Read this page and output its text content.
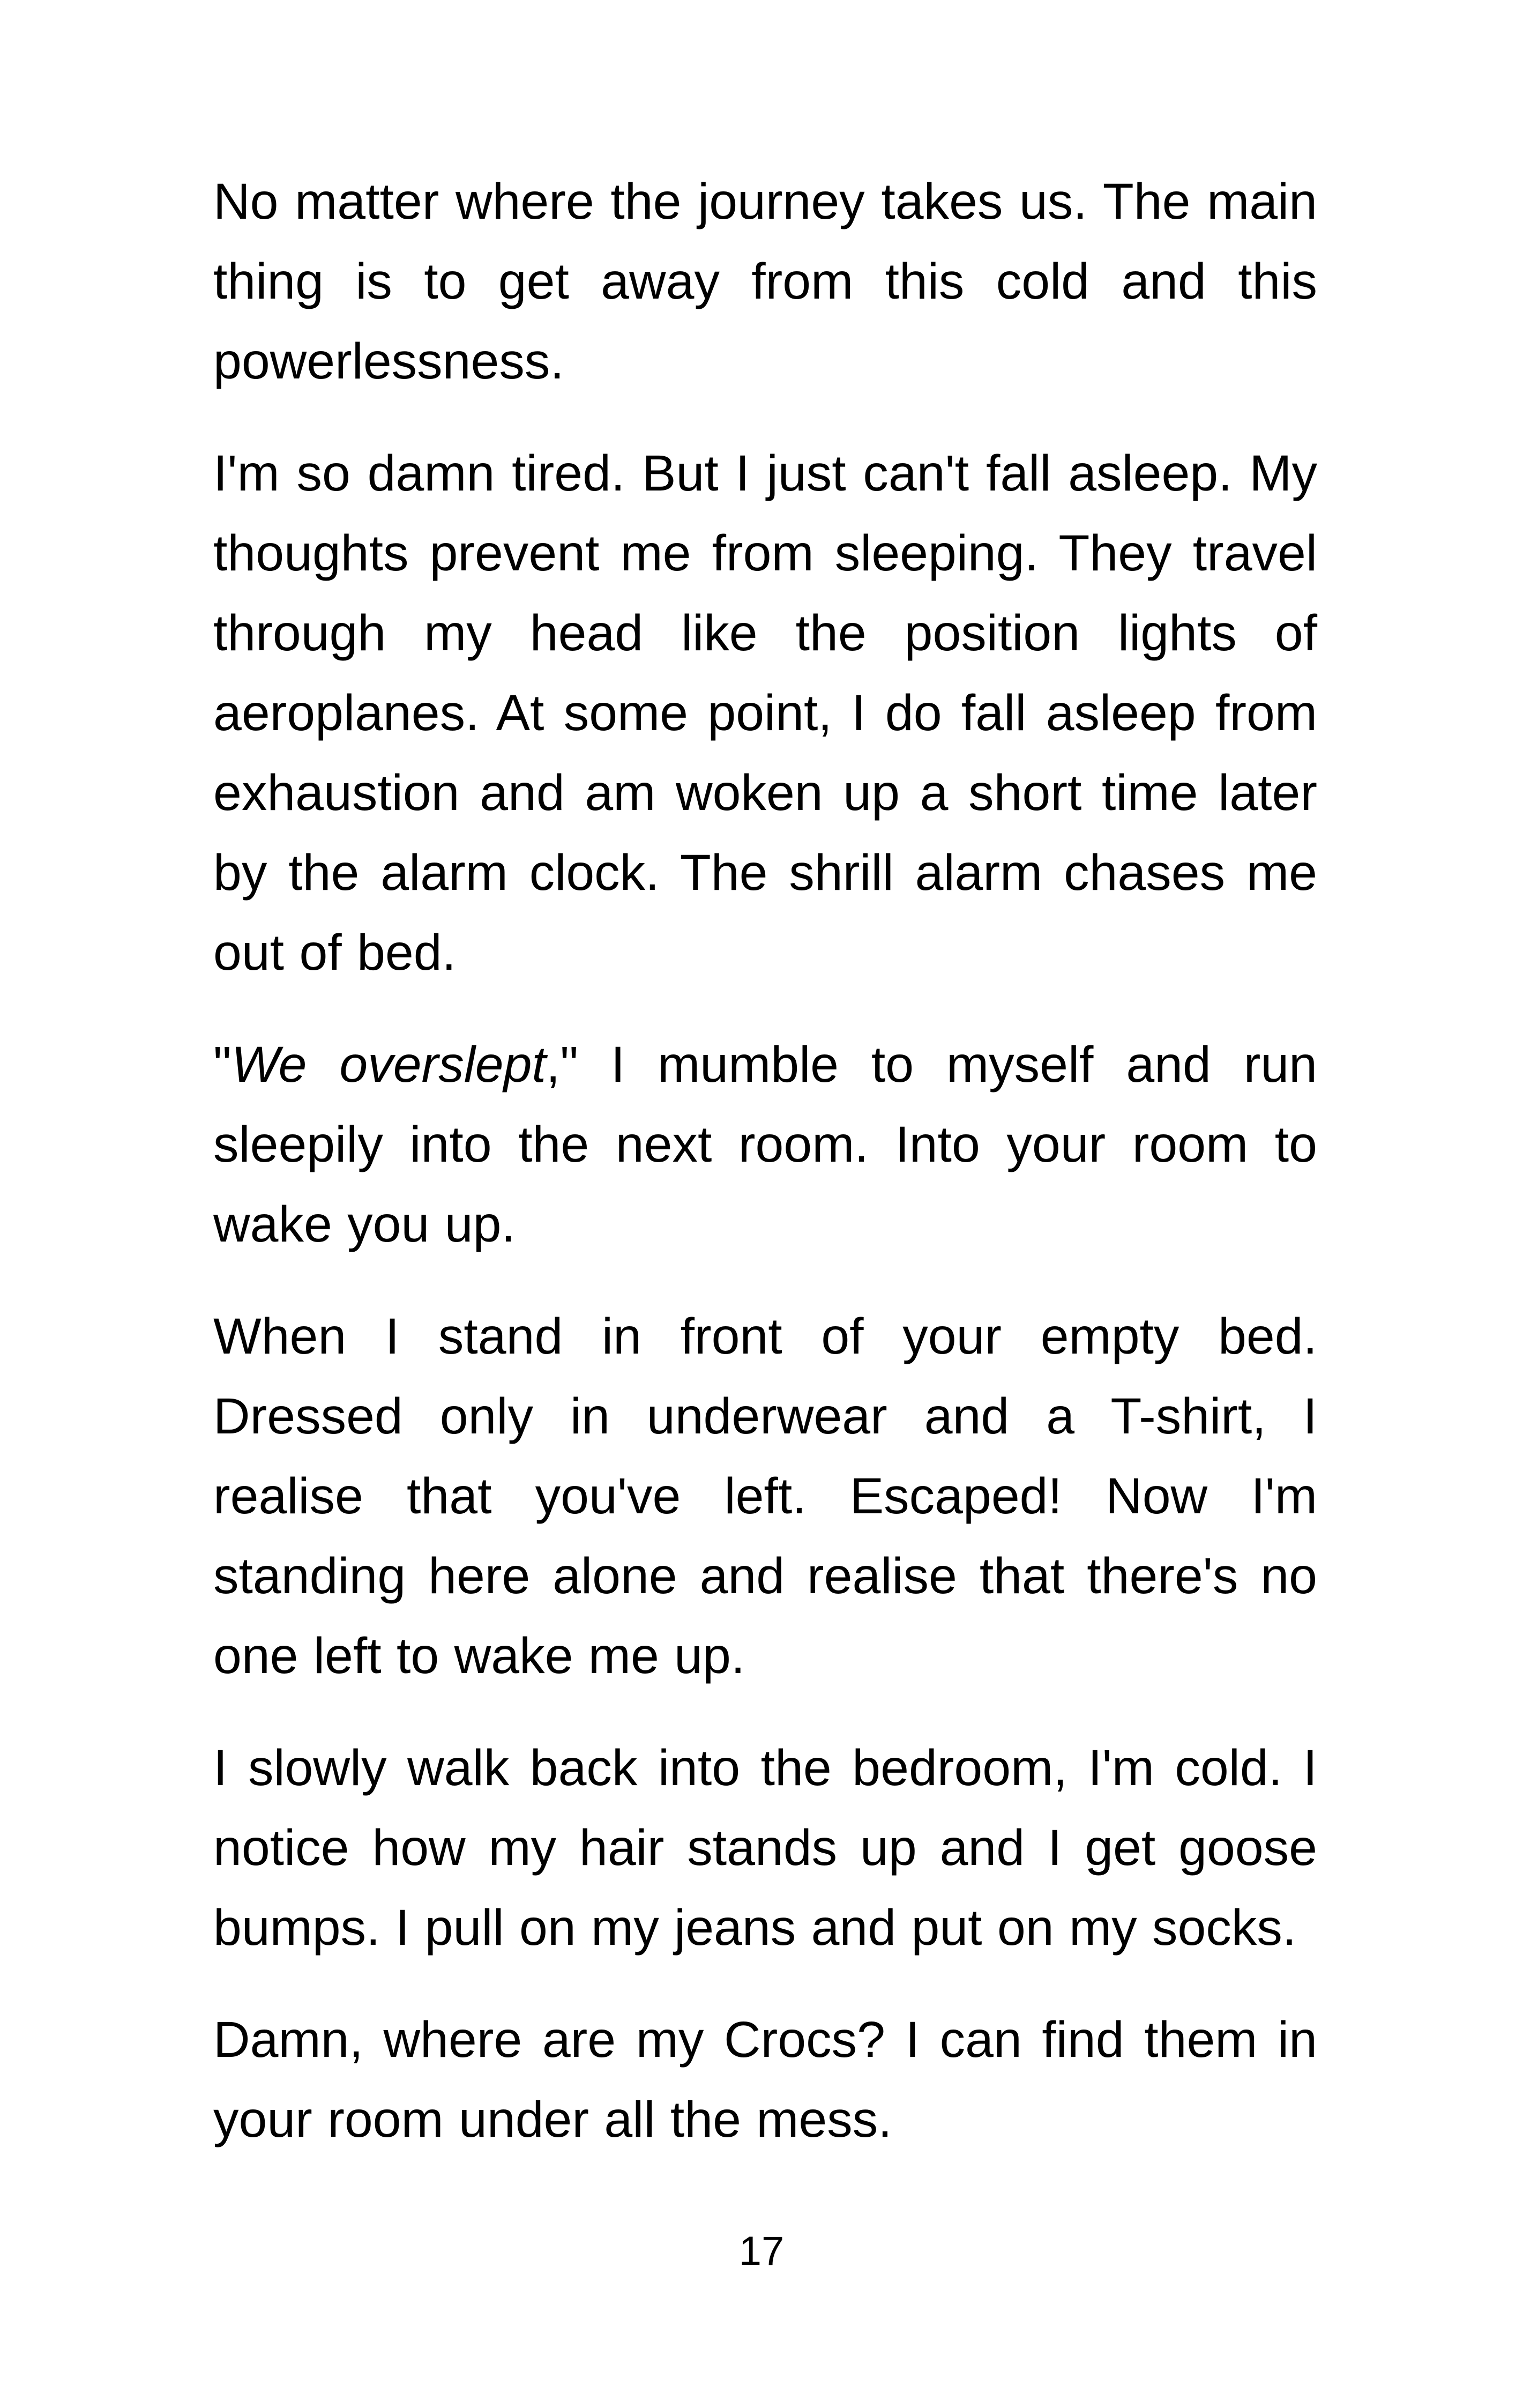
No matter where the journey takes us. The main thing is to get away from this cold and this powerlessness.

I'm so damn tired. But I just can't fall asleep. My thoughts prevent me from sleeping. They travel through my head like the position lights of aeroplanes. At some point, I do fall asleep from exhaustion and am woken up a short time later by the alarm clock. The shrill alarm chases me out of bed.

"We overslept," I mumble to myself and run sleepily into the next room. Into your room to wake you up.

When I stand in front of your empty bed. Dressed only in underwear and a T-shirt, I realise that you've left. Escaped! Now I'm standing here alone and realise that there's no one left to wake me up.

I slowly walk back into the bedroom, I'm cold. I notice how my hair stands up and I get goose bumps. I pull on my jeans and put on my socks.

Damn, where are my Crocs? I can find them in your room under all the mess.

17
